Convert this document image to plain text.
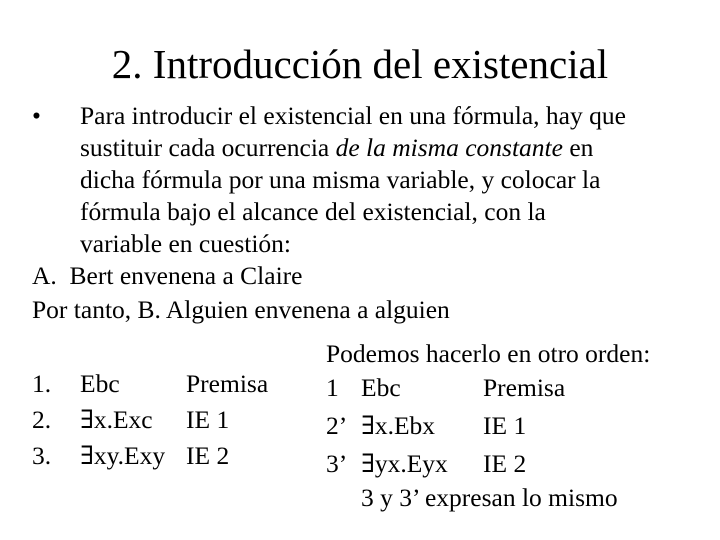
2. Introducción del existencial
• Para introducir el existencial en una fórmula, hay que
sustituir cada ocurrencia de la misma constante en
dicha fórmula por una misma variable, y colocar la
fórmula bajo el alcance del existencial, con la
variable en cuestión:
A.  Bert envenena a Claire
Por tanto, B. Alguien envenena a alguien
1. Ebc	Premisa
2. ∃x.Exc IE 1
3. ∃xy.Exy IE 2
Podemos hacerlo en otro orden:
1 Ebc	Premisa
2’ ∃x.Ebx IE 1
3’ ∃yx.Eyx IE 2
3 y 3’ expresan lo mismo
